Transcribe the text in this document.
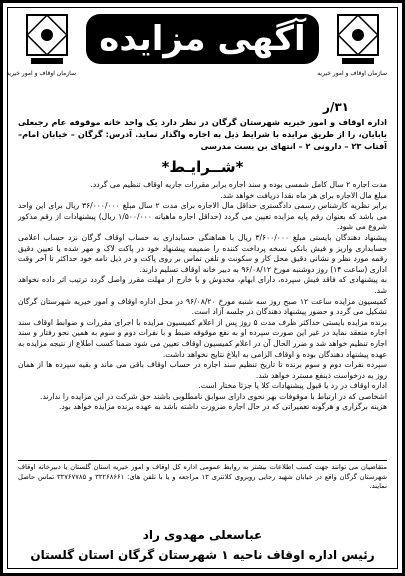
سازمان اوقاف و امور خیریه
آگهی مزایده
سازمان اوقاف و امور خیریه
۳۱/ر
اداره اوقاف و امور خیریه شهرستان گرگان در نظر دارد یک واحد خانه موقوفه عام رجبعلی بابایان، را از طریق مزایده با شرایط ذیل به اجاره واگذار نماید. آدرس: گرگان – خیابان امام– آفتاب ۲۳ – دارونی ۲ – انتهای بن بست مدرسی
*شــرایـط*

مدت اجاره ۲ سال کامل شمسی بوده و سند اجاره برابر مقررات جاریه اوقاف تنظیم می گردد.

مبلغ مال الاجاره برای هر ماه نقدا دریافت خواهد شد.

برابر نظریه کارشناس رسمی دادگستری حداقل مال الاجاره برای مدت ۲ سال مبلغ ۳۶/۰۰۰/۰۰۰ ریال برای این واحد می باشد که بعنوان رقم پایه مزایده تعیین می گردد (حداقل اجاره ماهیانه ۱/۵۰۰/۰۰۰ ریال) پیشنهادات از رقم مذکور شروع می شود.

پیشنهاد دهندگان بایستی مبلغ ۳/۶۰۰/۰۰۰ ریال با هماهنگی حسابداری به حساب اوقاف گرگان نزد حساب اعلامی حسابداری واریز و فیش بانکی نسخه پرداخت کننده را ضمیمه پیشنهاد خود در پاکت لاک و مهر شده با تعیین دقیق رقمه مورد نظر و نشانی دقیق محل کار و سکونت و تلفن تماس بر روی پاکت و در ذیل نامه خود حداکثر تا آخر وقت اداری (ساعت ۱۴) روز دوشنبه مورخ ۹۶/۰۸/۱۲ به دبیر خانه اوقاف تسلیم دارند.

به پیشنهادی که فاقد فیش سپرده، دارای ابهام، مخدوش و یا خارج از مهلت مقرر واصل گردد ترتیب اثر داده نخواهد شد.

کمیسیون مزایده ساعت ۱۲ صبح روز سه شنبه مورخ ۹۶/۰۸/۲۰ در محل اداره اوقاف و امور خیریه شهرستان گرگان تشکیل می گردد و حضور پیشنهاد دهندگان در جلسه آزاد است.

برنده مزایده بایستی حداکثر ظرف مدت ۵ روز پس از اعلام کمیسیون مزایده با اجرای مقررات و ضوابط اوقاف سند اجاره منعقد نماید در غیر این صورت سپرده او به نفع موقوفه ضبط و با نفرات دوم و سوم به همین نحو رفتار و سند اجاره تنظیم خواهد شد و ضرر الحال آن در اعلام کمیسیون اوقاف تعیین می شود ضمنا کسب اطلاع از نتیجه مزایده به عهده پیشنهاد دهندگان بوده و اوقاف الزامی به ابلاغ نتایج نخواهد داشت.

سپرده نفرات دوم و سوم برنده تا تاریخ تنظیم سند اجاره در حساب اوقاف باقی می ماند و بقیه سپرده ها از همان روز به درخواست ذینفع مسترد خواهد شد.

اداره اوقاف در رد یا قبول پیشنهادات کلا یا جزئا مختار است.

اشخاصی که در ارتباط با موقوفات بهر نحوی دارای سوابق نامطلوبی باشند حق شرکت در این مزایده را ندارند.

هزینه برگزاری و هرگونه تعمیراتی که در حال اجاره ضرورت داشته باشد به عهده برنده مزایده خواهد بود.

متقاضیان می توانند جهت کسب اطلاعات بیشتر به روابط عمومی اداره کل اوقاف و امور خیریه استان گلستان یا دبیرخانه اوقاف شهرستان گرگان واقع در خیابان شهید رجایی روبروی کلانتری ۱۳ مراجعه و یا با تلفن های: ۳۲۲۶۸۶۶۱ و ۳۲۷۶۷۷۸۵ تماس حاصل نمایند.
عباسعلی مهدوی راد
رئیس اداره اوقاف ناحیه ۱ شهرستان گرگان استان گلستان
